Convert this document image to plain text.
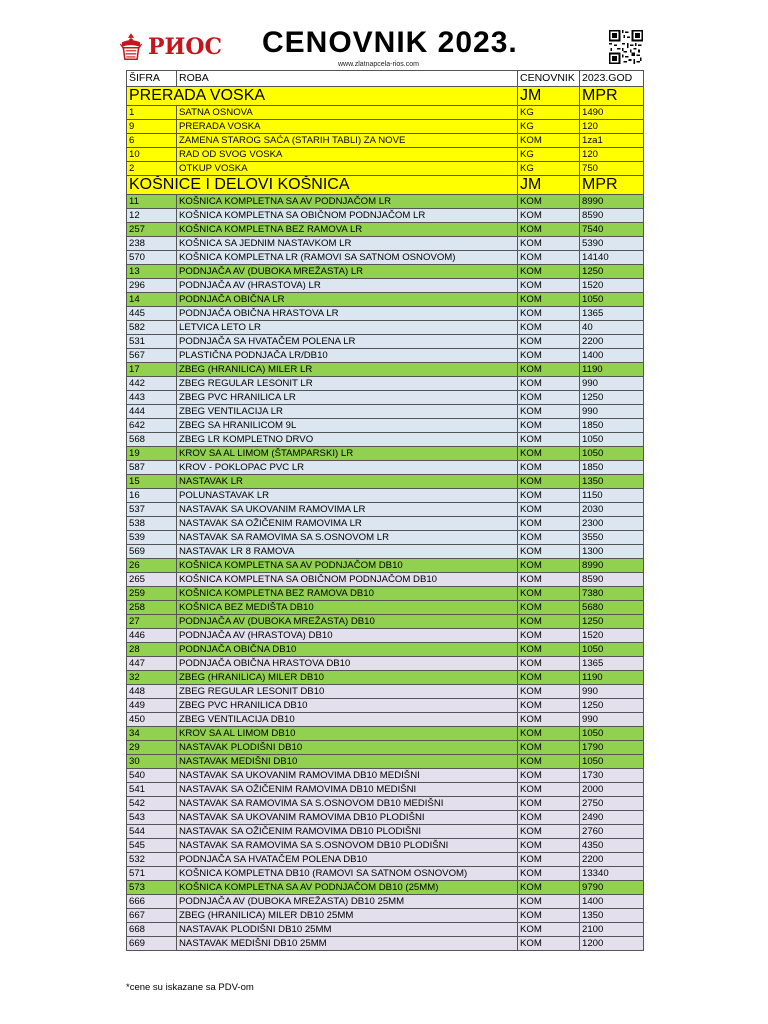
РИОС CENOVNIK 2023.
www.zlatnapcela-rios.com
ŠIFRA	ROBA	CENOVNIK	2023.GOD
PRERADA VOSKA		JM	MPR
1	SATNA OSNOVA	KG	1490
9	PRERADA VOSKA	KG	120
6	ZAMENA STAROG SAĆA (STARIH TABLI) ZA NOVE	KOM	1za1
10	RAD OD SVOG VOSKA	KG	120
2	OTKUP VOSKA	KG	750
KOŠNICE I DELOVI KOŠNICA		JM	MPR
11	KOŠNICA KOMPLETNA SA AV PODNJAČOM LR	KOM	8990
12	KOŠNICA KOMPLETNA SA OBIČNOM PODNJAČOM LR	KOM	8590
257	KOŠNICA KOMPLETNA BEZ RAMOVA LR	KOM	7540
238	KOŠNICA SA JEDNIM NASTAVKOM LR	KOM	5390
570	KOŠNICA KOMPLETNA LR (RAMOVI SA SATNOM OSNOVOM)	KOM	14140
13	PODNJAČA AV (DUBOKA MREŽASTA) LR	KOM	1250
296	PODNJAČA AV (HRASTOVA) LR	KOM	1520
14	PODNJAČA OBIČNA LR	KOM	1050
445	PODNJAČA OBIČNA HRASTOVA LR	KOM	1365
582	LETVICA LETO LR	KOM	40
531	PODNJAČA SA HVATAČEM POLENA LR	KOM	2200
567	PLASTIČNA PODNJAČA LR/DB10	KOM	1400
17	ZBEG (HRANILICA) MILER LR	KOM	1190
442	ZBEG REGULAR LESONIT LR	KOM	990
443	ZBEG PVC HRANILICA LR	KOM	1250
444	ZBEG VENTILACIJA LR	KOM	990
642	ZBEG SA HRANILICOM 9L	KOM	1850
568	ZBEG LR KOMPLETNO DRVO	KOM	1050
19	KROV SA AL LIMOM (ŠTAMPARSKI) LR	KOM	1050
587	KROV - POKLOPAC PVC LR	KOM	1850
15	NASTAVAK LR	KOM	1350
16	POLUNASTAVAK LR	KOM	1150
537	NASTAVAK SA UKOVANIM RAMOVIMA LR	KOM	2030
538	NASTAVAK SA OŽIČENIM RAMOVIMA LR	KOM	2300
539	NASTAVAK SA RAMOVIMA SA S.OSNOVOM LR	KOM	3550
569	NASTAVAK LR 8 RAMOVA	KOM	1300
26	KOŠNICA KOMPLETNA SA AV PODNJAČOM DB10	KOM	8990
265	KOŠNICA KOMPLETNA SA OBIČNOM PODNJAČOM DB10	KOM	8590
259	KOŠNICA KOMPLETNA BEZ RAMOVA DB10	KOM	7380
258	KOŠNICA BEZ MEDIŠTA DB10	KOM	5680
27	PODNJAČA AV (DUBOKA MREŽASTA) DB10	KOM	1250
446	PODNJAČA AV (HRASTOVA) DB10	KOM	1520
28	PODNJAČA OBIČNA DB10	KOM	1050
447	PODNJAČA OBIČNA HRASTOVA DB10	KOM	1365
32	ZBEG (HRANILICA) MILER DB10	KOM	1190
448	ZBEG REGULAR LESONIT DB10	KOM	990
449	ZBEG PVC HRANILICA DB10	KOM	1250
450	ZBEG VENTILACIJA DB10	KOM	990
34	KROV SA AL LIMOM DB10	KOM	1050
29	NASTAVAK PLODIŠNI DB10	KOM	1790
30	NASTAVAK MEDIŠNI DB10	KOM	1050
540	NASTAVAK SA UKOVANIM RAMOVIMA DB10 MEDIŠNI	KOM	1730
541	NASTAVAK SA OŽIČENIM RAMOVIMA DB10 MEDIŠNI	KOM	2000
542	NASTAVAK SA RAMOVIMA SA S.OSNOVOM DB10 MEDIŠNI	KOM	2750
543	NASTAVAK SA UKOVANIM RAMOVIMA DB10 PLODIŠNI	KOM	2490
544	NASTAVAK SA OŽIČENIM RAMOVIMA DB10 PLODIŠNI	KOM	2760
545	NASTAVAK SA RAMOVIMA SA S.OSNOVOM DB10 PLODIŠNI	KOM	4350
532	PODNJAČA SA HVATAČEM POLENA DB10	KOM	2200
571	KOŠNICA KOMPLETNA DB10 (RAMOVI SA SATNOM OSNOVOM)	KOM	13340
573	KOŠNICA KOMPLETNA SA AV PODNJAČOM DB10 (25MM)	KOM	9790
666	PODNJAČA AV (DUBOKA MREŽASTA) DB10 25MM	KOM	1400
667	ZBEG (HRANILICA) MILER DB10 25MM	KOM	1350
668	NASTAVAK PLODIŠNI DB10 25MM	KOM	2100
669	NASTAVAK MEDIŠNI DB10 25MM	KOM	1200
*cene su iskazane sa PDV-om
